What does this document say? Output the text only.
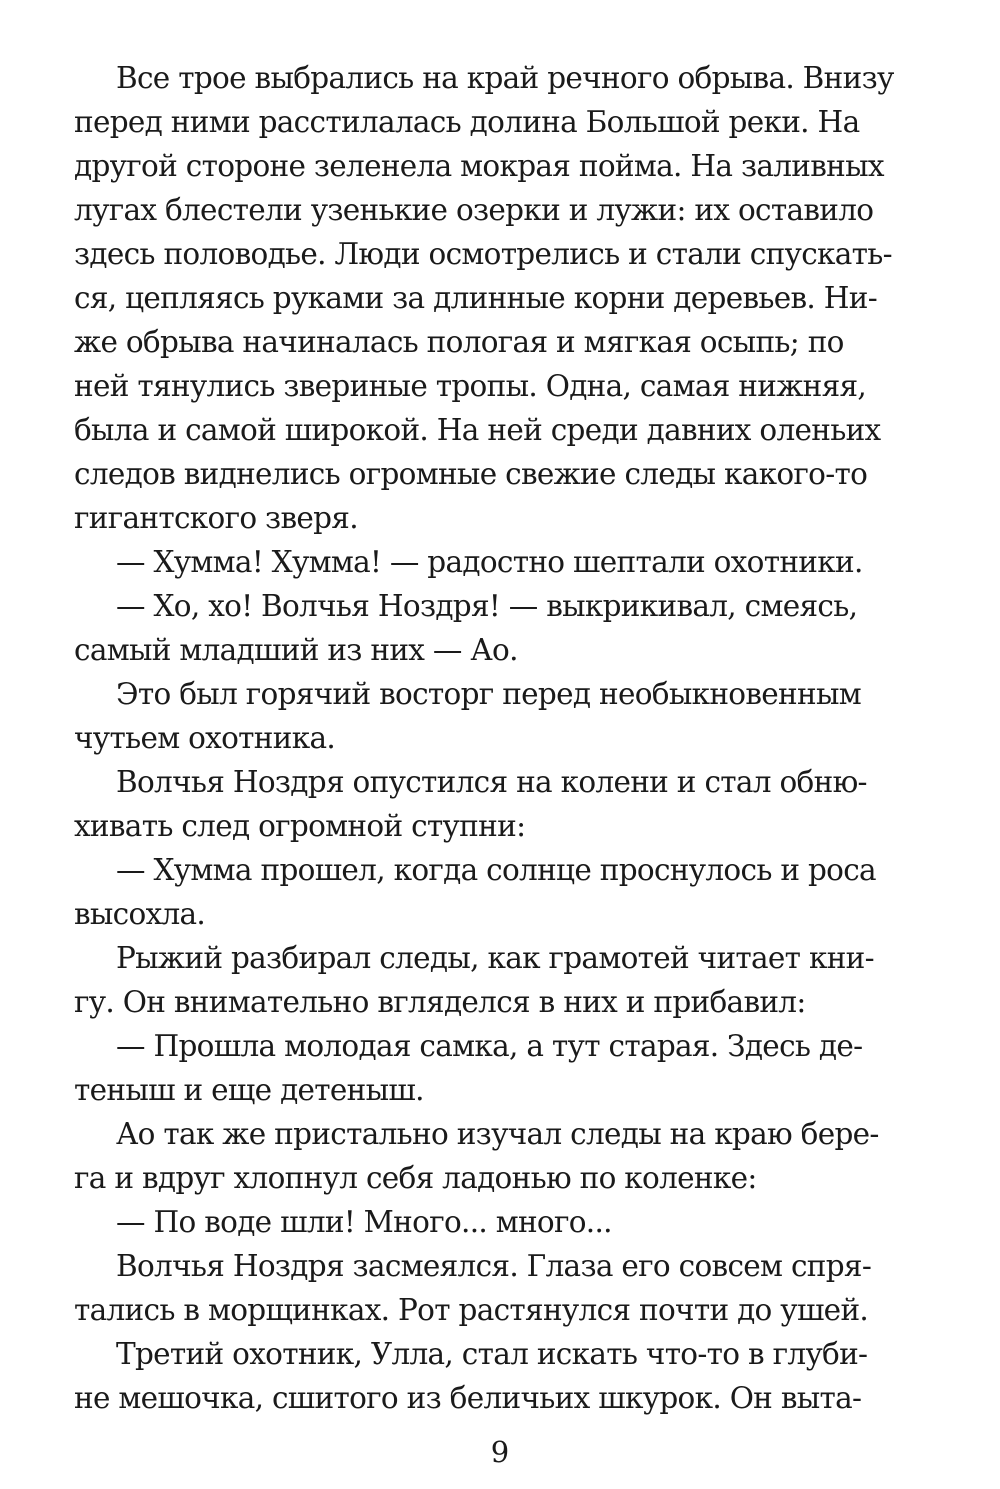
Все трое выбрались на край речного обрыва. Внизу
перед ними расстилалась долина Большой реки. На
другой стороне зеленела мокрая пойма. На заливных
лугах блестели узенькие озерки и лужи: их оставило
здесь половодье. Люди осмотрелись и стали спускать-
ся, цепляясь руками за длинные корни деревьев. Ни-
же обрыва начиналась пологая и мягкая осыпь; по
ней тянулись звериные тропы. Одна, самая нижняя,
была и самой широкой. На ней среди давних оленьих
следов виднелись огромные свежие следы какого-то
гигантского зверя.
— Хумма! Хумма! — радостно шептали охотники.
— Хо, хо! Волчья Ноздря! — выкрикивал, смеясь,
самый младший из них — Ао.
Это был горячий восторг перед необыкновенным
чутьем охотника.
Волчья Ноздря опустился на колени и стал обню-
хивать след огромной ступни:
— Хумма прошел, когда солнце проснулось и роса
высохла.
Рыжий разбирал следы, как грамотей читает кни-
гу. Он внимательно вгляделся в них и прибавил:
— Прошла молодая самка, а тут старая. Здесь де-
теныш и еще детеныш.
Ао так же пристально изучал следы на краю бере-
га и вдруг хлопнул себя ладонью по коленке:
— По воде шли! Много... много...
Волчья Ноздря засмеялся. Глаза его совсем спря-
тались в морщинках. Рот растянулся почти до ушей.
Третий охотник, Улла, стал искать что-то в глуби-
не мешочка, сшитого из беличьих шкурок. Он выта-
9
